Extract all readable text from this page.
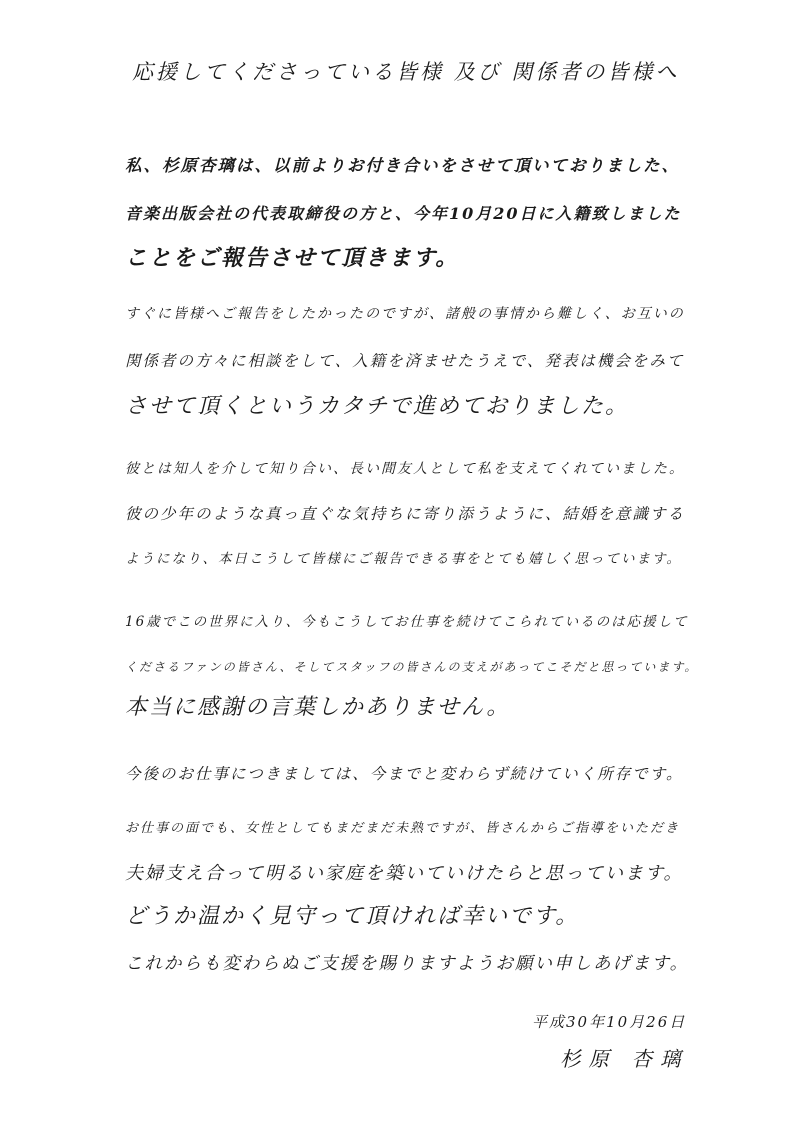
応援してくださっている皆様 及び 関係者の皆様へ
私、杉原杏璃は、以前よりお付き合いをさせて頂いておりました、
音楽出版会社の代表取締役の方と、今年10月20日に入籍致しました
ことをご報告させて頂きます。
すぐに皆様へご報告をしたかったのですが、諸般の事情から難しく、お互いの
関係者の方々に相談をして、入籍を済ませたうえで、発表は機会をみて
させて頂くというカタチで進めておりました。
彼とは知人を介して知り合い、長い間友人として私を支えてくれていました。
彼の少年のような真っ直ぐな気持ちに寄り添うように、結婚を意識する
ようになり、本日こうして皆様にご報告できる事をとても嬉しく思っています。
16歳でこの世界に入り、今もこうしてお仕事を続けてこられているのは応援して
くださるファンの皆さん、そしてスタッフの皆さんの支えがあってこそだと思っています。
本当に感謝の言葉しかありません。
今後のお仕事につきましては、今までと変わらず続けていく所存です。
お仕事の面でも、女性としてもまだまだ未熟ですが、皆さんからご指導をいただき
夫婦支え合って明るい家庭を築いていけたらと思っています。
どうか温かく見守って頂ければ幸いです。
これからも変わらぬご支援を賜りますようお願い申しあげます。
平成30年10月26日
杉原 杏璃
